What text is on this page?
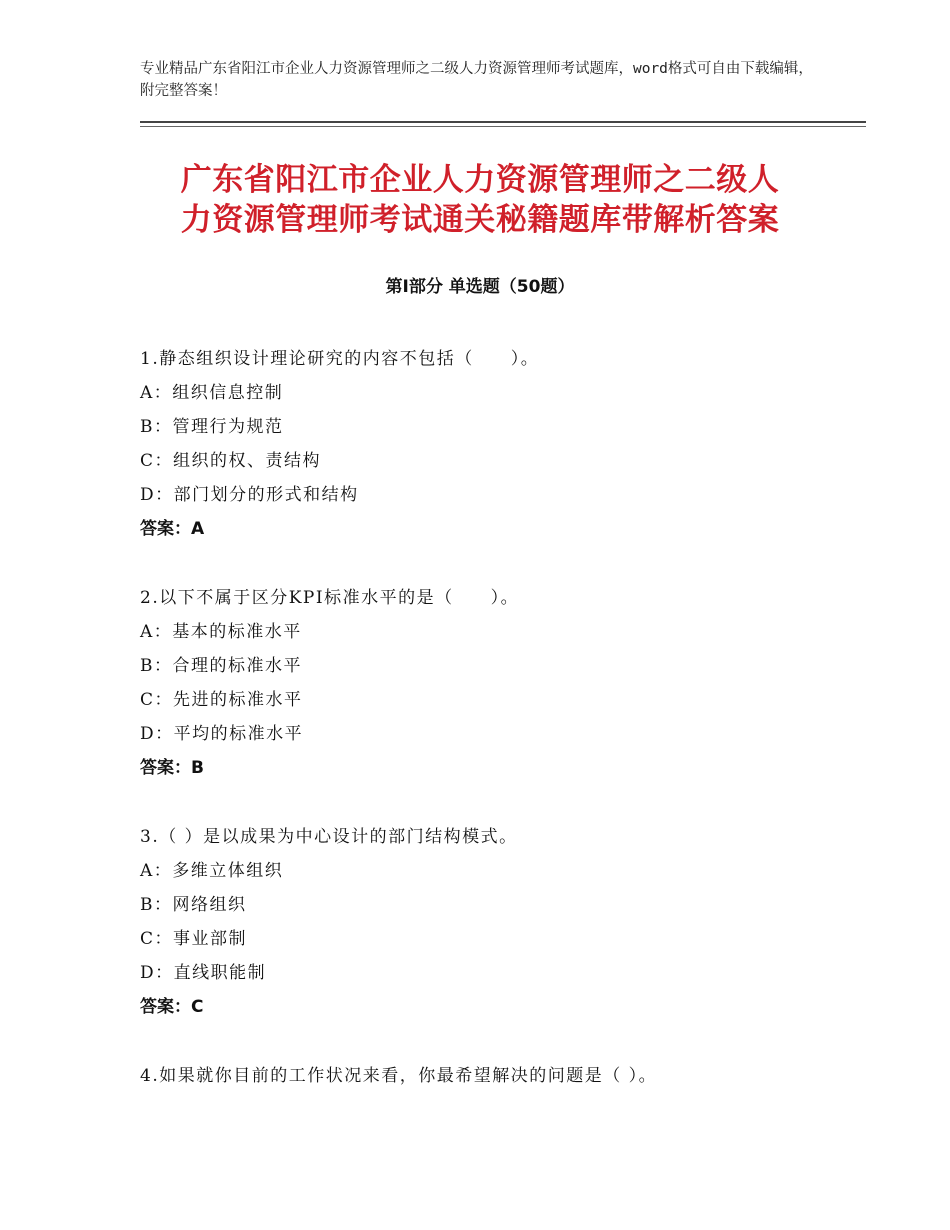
专业精品广东省阳江市企业人力资源管理师之二级人力资源管理师考试题库，word格式可自由下载编辑，附完整答案！
广东省阳江市企业人力资源管理师之二级人
力资源管理师考试通关秘籍题库带解析答案
第Ⅰ部分 单选题（50题）
1.静态组织设计理论研究的内容不包括（　　）。
A：组织信息控制
B：管理行为规范
C：组织的权、责结构
D：部门划分的形式和结构
答案：A
2.以下不属于区分KPI标准水平的是（　　）。
A：基本的标准水平
B：合理的标准水平
C：先进的标准水平
D：平均的标准水平
答案：B
3.（ ）是以成果为中心设计的部门结构模式。
A：多维立体组织
B：网络组织
C：事业部制
D：直线职能制
答案：C
4.如果就你目前的工作状况来看，你最希望解决的问题是（ ）。
